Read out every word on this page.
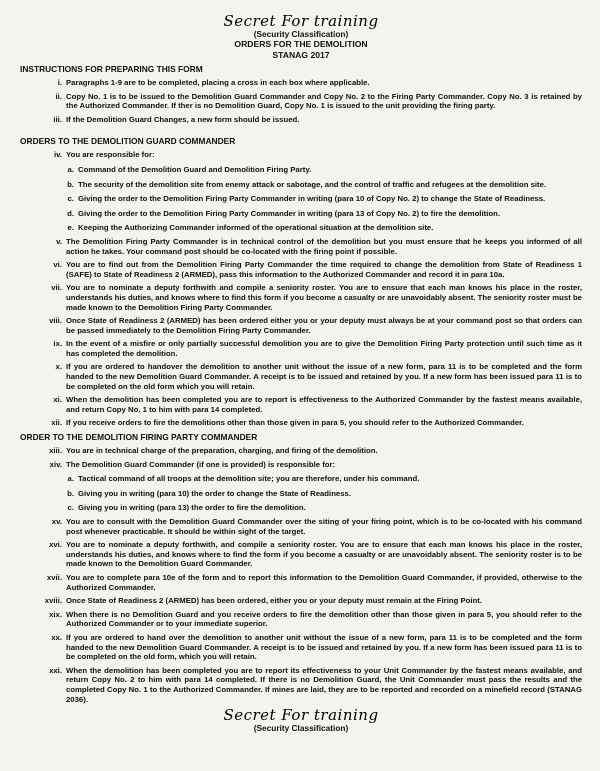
Secret For training
(Security Classification)
ORDERS FOR THE DEMOLITION
STANAG 2017
INSTRUCTIONS FOR PREPARING THIS FORM
i. Paragraphs 1-9 are to be completed, placing a cross in each box where applicable.
ii. Copy No. 1 is to be issued to the Demolition Guard Commander and Copy No. 2 to the Firing Party Commander. Copy No. 3 is retained by the Authorized Commander. If ther is no Demolition Guard, Copy No. 1 is issued to the unit providing the firing party.
iii. If the Demolition Guard Changes, a new form should be issued.
ORDERS TO THE DEMOLITION GUARD COMMANDER
iv. You are responsible for:
a. Command of the Demolition Guard and Demolition Firing Party.
b. The security of the demolition site from enemy attack or sabotage, and the control of traffic and refugees at the demolition site.
c. Giving the order to the Demolition Firing Party Commander in writing (para 10 of Copy No. 2) to change the State of Readiness.
d. Giving the order to the Demolition Firing Party Commander in writing (para 13 of Copy No. 2) to fire the demolition.
e. Keeping the Authorizing Commander informed of the operational situation at the demolition site.
v. The Demolition Firing Party Commander is in technical control of the demolition but you must ensure that he keeps you informed of all action he takes. Your command post should be co-located with the firing point if possible.
vi. You are to find out from the Demolition Firing Party Commander the time required to change the demolition from State of Readiness 1 (SAFE) to State of Readiness 2 (ARMED), pass this information to the Authorized Commander and record it in para 10a.
vii. You are to nominate a deputy forthwith and compile a seniority roster. You are to ensure that each man knows his place in the roster, understands his duties, and knows where to find this form if you become a casualty or are unavoidably absent. The seniority roster must be made known to the Demolition Firing Party Commander.
viii. Once State of Readiness 2 (ARMED) has been ordered either you or your deputy must always be at your command post so that orders can be passed immediately to the Demolition Firing Party Commander.
ix. In the event of a misfire or only partially successful demolition you are to give the Demolition Firing Party protection until such time as it has completed the demolition.
x. If you are ordered to handover the demolition to another unit without the issue of a new form, para 11 is to be completed and the form handed to the new Demolition Guard Commander. A receipt is to be issued and retained by you. If a new form has been issued para 11 is to be completed on the old form which you will retain.
xi. When the demolition has been completed you are to report is effectiveness to the Authorized Commander by the fastest means available, and return Copy No. 1 to him with para 14 completed.
xii. If you receive orders to fire the demolitions other than those given in para 5, you should refer to the Authorized Commander.
ORDER TO THE DEMOLITION FIRING PARTY COMMANDER
xiii. You are in technical charge of the preparation, charging, and firing of the demolition.
xiv. The Demolition Guard Commander (if one is provided) is responsible for:
a. Tactical command of all troops at the demolition site; you are therefore, under his command.
b. Giving you in writing (para 10) the order to change the State of Readiness.
c. Giving you in writing (para 13) the order to fire the demolition.
xv. You are to consult with the Demolition Guard Commander over the siting of your firing point, which is to be co-located with his command post whenever practicable. It should be within sight of the target.
xvi. You are to nominate a deputy forthwith, and compile a seniority roster. You are to ensure that each man knows his place in the roster, understands his duties, and knows where to find the form if you become a casualty or are unavoidably absent. The seniority roster is to be made known to the Demolition Guard Commander.
xvii. You are to complete para 10e of the form and to report this information to the Demolition Guard Commander, if provided, otherwise to the Authorized Commander.
xviii. Once State of Readiness 2 (ARMED) has been ordered, either you or your deputy must remain at the Firing Point.
xix. When there is no Demolition Guard and you receive orders to fire the demolition other than those given in para 5, you should refer to the Authorized Commander or to your immediate superior.
xx. If you are ordered to hand over the demolition to another unit without the issue of a new form, para 11 is to be completed and the form handed to the new Demolition Guard Commander. A receipt is to be issued and retained by you. If a new form has been issued para 11 is to be completed on the old form, which you will retain.
xxi. When the demolition has been completed you are to report its effectiveness to your Unit Commander by the fastest means available, and return Copy No. 2 to him with para 14 completed. If there is no Demolition Guard, the Unit Commander must pass the results and the completed Copy No. 1 to the Authorized Commander. If mines are laid, they are to be reported and recorded on a minefield record (STANAG 2036).
Secret For training
(Security Classification)
